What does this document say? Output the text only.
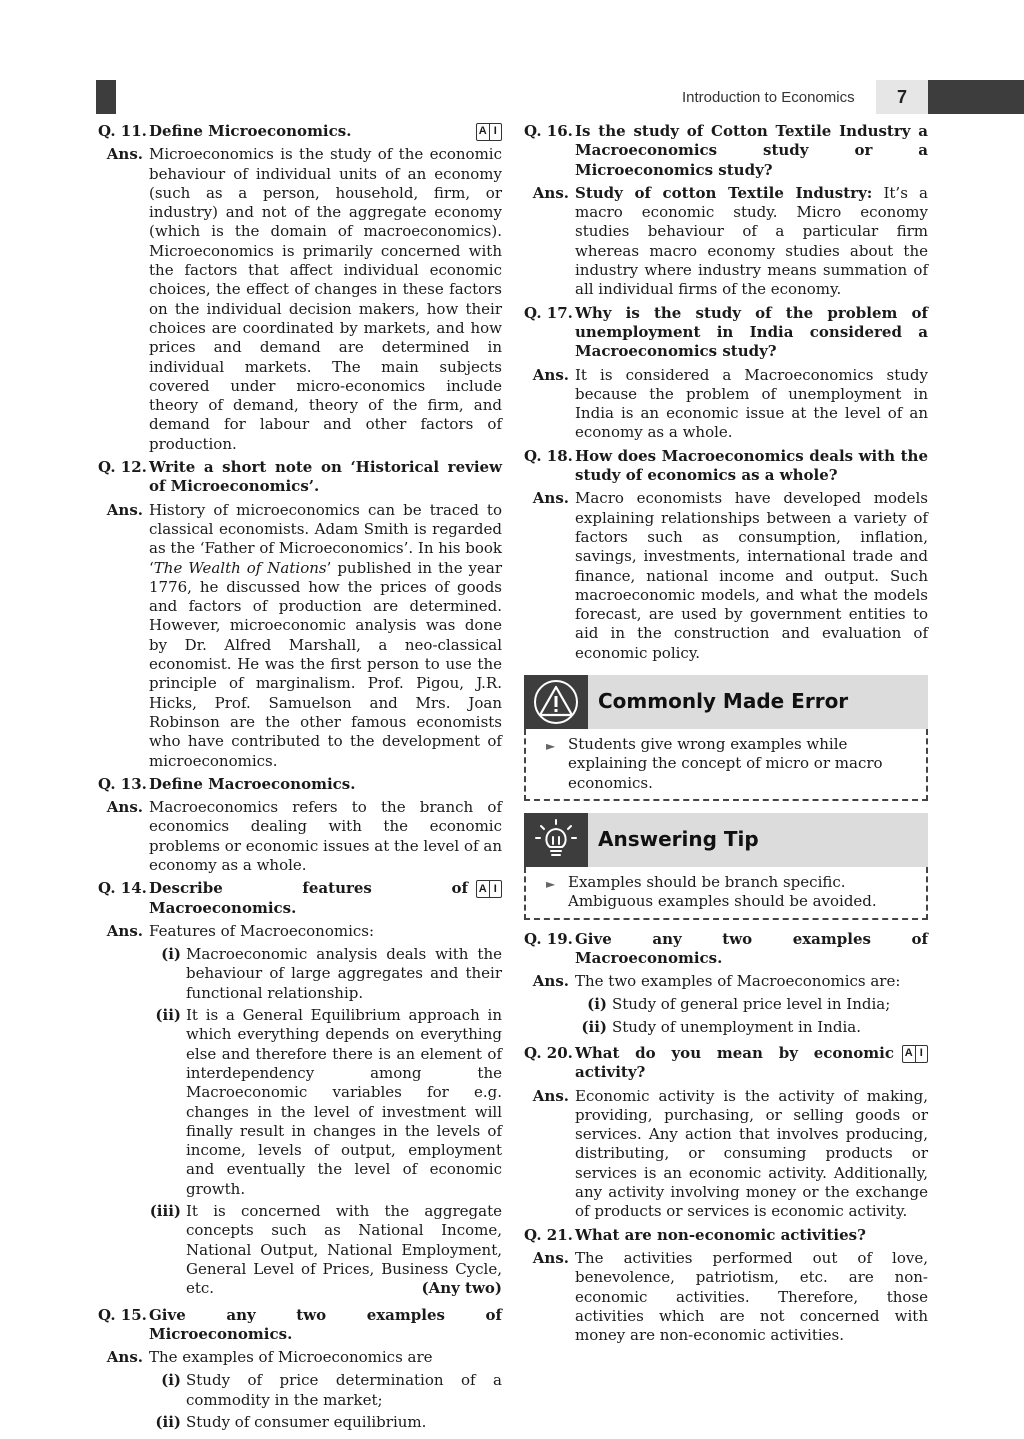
Introduction to Economics	7
Q. 11. Define Microeconomics.	A I
Ans. Microeconomics is the study of the economic behaviour of individual units of an economy (such as a person, household, firm, or industry) and not of the aggregate economy (which is the domain of macroeconomics). Microeconomics is primarily concerned with the factors that affect individual economic choices, the effect of changes in these factors on the individual decision makers, how their choices are coordinated by markets, and how prices and demand are determined in individual markets. The main subjects covered under micro-economics include theory of demand, theory of the firm, and demand for labour and other factors of production.
Q. 12. Write a short note on ‘Historical review of Microeconomics’.
Ans. History of microeconomics can be traced to classical economists. Adam Smith is regarded as the ‘Father of Microeconomics’. In his book ‘The Wealth of Nations’ published in the year 1776, he discussed how the prices of goods and factors of production are determined. However, microeconomic analysis was done by Dr. Alfred Marshall, a neo-classical economist. He was the first person to use the principle of marginalism. Prof. Pigou, J.R. Hicks, Prof. Samuelson and Mrs. Joan Robinson are the other famous economists who have contributed to the development of microeconomics.
Q. 13. Define Macroeconomics.
Ans. Macroeconomics refers to the branch of economics dealing with the economic problems or economic issues at the level of an economy as a whole.
Q. 14. Describe features of Macroeconomics.
A I
Ans. Features of Macroeconomics:
(i) Macroeconomic analysis deals with the behaviour of large aggregates and their functional relationship.
(ii) It is a General Equilibrium approach in which everything depends on everything else and therefore there is an element of interdependency among the Macroeconomic variables for e.g. changes in the level of investment will finally result in changes in the levels of income, levels of output, employment and eventually the level of economic growth.
(iii) It is concerned with the aggregate concepts such as National Income, National Output, National Employment, General Level of Prices, Business Cycle, etc.	(Any two)
Q. 15. Give any two examples of Microeconomics.
Ans. The examples of Microeconomics are
(i) Study of price determination of a commodity in the market;
(ii) Study of consumer equilibrium.
Q. 16. Is the study of Cotton Textile Industry a Macroeconomics study or a Microeconomics study?
Ans. Study of cotton Textile Industry: It’s a macro economic study. Micro economy studies behaviour of a particular firm whereas macro economy studies about the industry where industry means summation of all individual firms of the economy.
Q. 17. Why is the study of the problem of unemployment in India considered a Macroeconomics study?
Ans. It is considered a Macroeconomics study because the problem of unemployment in India is an economic issue at the level of an economy as a whole.
Q. 18. How does Macroeconomics deals with the study of economics as a whole?
Ans. Macro economists have developed models explaining relationships between a variety of factors such as consumption, inflation, savings, investments, international trade and finance, national income and output. Such macroeconomic models, and what the models forecast, are used by government entities to aid in the construction and evaluation of economic policy.
Commonly Made Error
► Students give wrong examples while explaining the concept of micro or macro economics.
Answering Tip
► Examples should be branch specific. Ambiguous examples should be avoided.
Q. 19. Give any two examples of Macroeconomics.
Ans. The two examples of Macroeconomics are:
(i) Study of general price level in India;
(ii) Study of unemployment in India.
Q. 20. What do you mean by economic activity?
A I
Ans. Economic activity is the activity of making, providing, purchasing, or selling goods or services. Any action that involves producing, distributing, or consuming products or services is an economic activity. Additionally, any activity involving money or the exchange of products or services is economic activity.
Q. 21. What are non-economic activities?
Ans. The activities performed out of love, benevolence, patriotism, etc. are non-economic activities. Therefore, those activities which are not concerned with money are non-economic activities.
